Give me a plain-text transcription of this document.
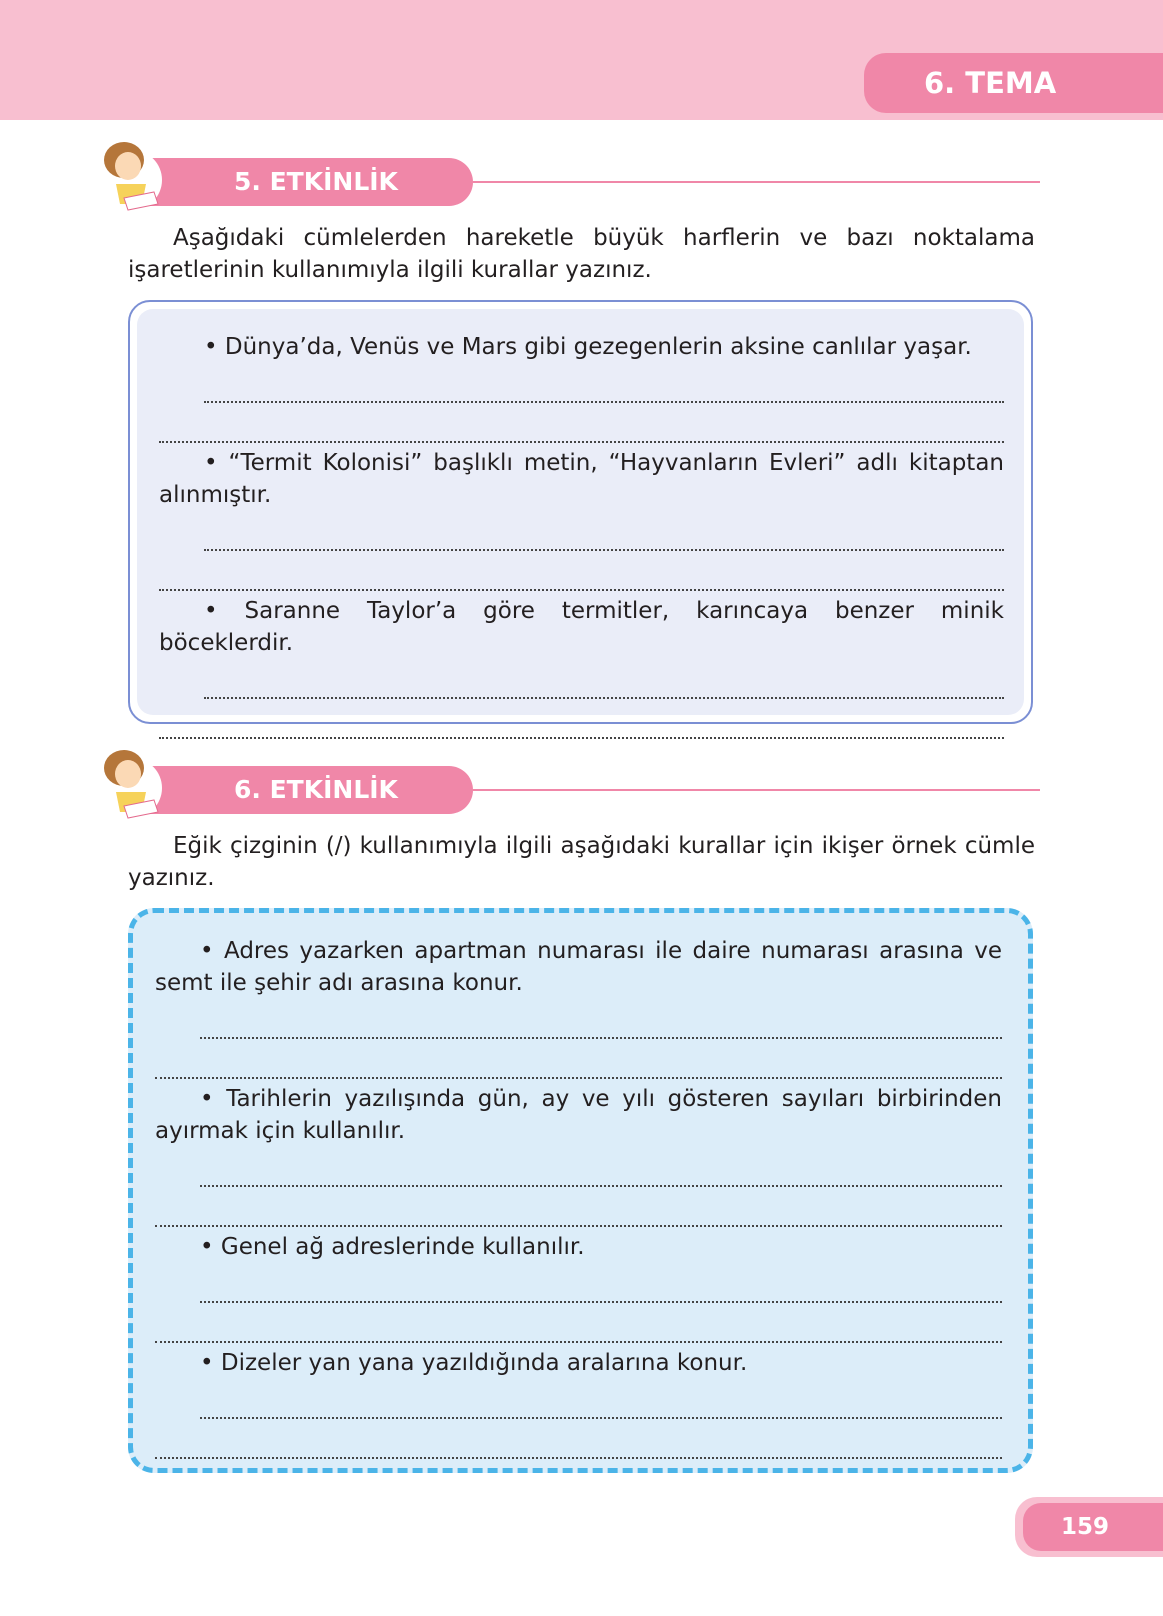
6. TEMA
5. ETKİNLİK
Aşağıdaki cümlelerden hareketle büyük harflerin ve bazı noktalama işaretlerinin kullanımıyla ilgili kurallar yazınız.
• Dünya’da, Venüs ve Mars gibi gezegenlerin aksine canlılar yaşar.
• “Termit Kolonisi” başlıklı metin, “Hayvanların Evleri” adlı kitaptan alınmıştır.
• Saranne Taylor’a göre termitler, karıncaya benzer minik böceklerdir.
6. ETKİNLİK
Eğik çizginin (/) kullanımıyla ilgili aşağıdaki kurallar için ikişer örnek cümle yazınız.
• Adres yazarken apartman numarası ile daire numarası arasına ve semt ile şehir adı arasına konur.
• Tarihlerin yazılışında gün, ay ve yılı gösteren sayıları birbirinden ayırmak için kullanılır.
• Genel ağ adreslerinde kullanılır.
• Dizeler yan yana yazıldığında aralarına konur.
159
